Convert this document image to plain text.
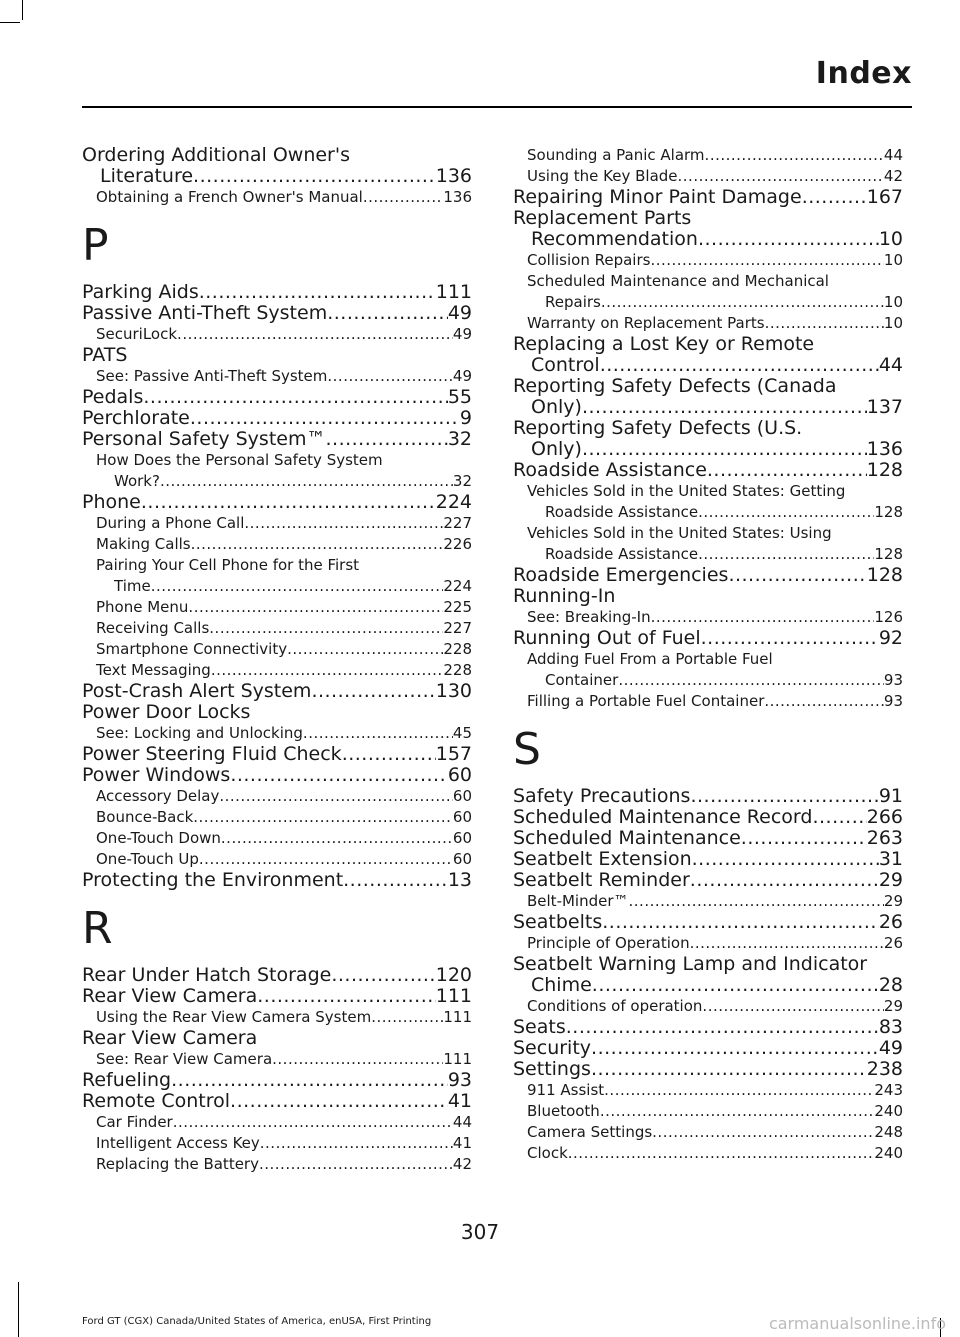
Index
Ordering Additional Owner's
Literature .....	136
Obtaining a French Owner's Manual .....	136
P
Parking Aids .....	111
Passive Anti-Theft System .....	49
SecuriLock .....	49
PATS
See: Passive Anti-Theft System .....	49
Pedals .....	55
Perchlorate .....	9
Personal Safety System™ .....	32
How Does the Personal Safety System
Work? .....	32
Phone .....	224
During a Phone Call .....	227
Making Calls .....	226
Pairing Your Cell Phone for the First
Time .....	224
Phone Menu .....	225
Receiving Calls .....	227
Smartphone Connectivity .....	228
Text Messaging .....	228
Post-Crash Alert System .....	130
Power Door Locks
See: Locking and Unlocking .....	45
Power Steering Fluid Check .....	157
Power Windows .....	60
Accessory Delay .....	60
Bounce-Back .....	60
One-Touch Down .....	60
One-Touch Up .....	60
Protecting the Environment .....	13
R
Rear Under Hatch Storage .....	120
Rear View Camera .....	111
Using the Rear View Camera System .....	111
Rear View Camera
See: Rear View Camera .....	111
Refueling .....	93
Remote Control .....	41
Car Finder .....	44
Intelligent Access Key .....	41
Replacing the Battery .....	42
Sounding a Panic Alarm .....	44
Using the Key Blade .....	42
Repairing Minor Paint Damage .....	167
Replacement Parts
Recommendation .....	10
Collision Repairs .....	10
Scheduled Maintenance and Mechanical
Repairs .....	10
Warranty on Replacement Parts .....	10
Replacing a Lost Key or Remote
Control .....	44
Reporting Safety Defects (Canada
Only) .....	137
Reporting Safety Defects (U.S.
Only) .....	136
Roadside Assistance .....	128
Vehicles Sold in the United States: Getting
Roadside Assistance .....	128
Vehicles Sold in the United States: Using
Roadside Assistance .....	128
Roadside Emergencies .....	128
Running-In
See: Breaking-In .....	126
Running Out of Fuel .....	92
Adding Fuel From a Portable Fuel
Container .....	93
Filling a Portable Fuel Container .....	93
S
Safety Precautions .....	91
Scheduled Maintenance Record .....	266
Scheduled Maintenance .....	263
Seatbelt Extension .....	31
Seatbelt Reminder .....	29
Belt-Minder™ .....	29
Seatbelts .....	26
Principle of Operation .....	26
Seatbelt Warning Lamp and Indicator
Chime .....	28
Conditions of operation .....	29
Seats .....	83
Security .....	49
Settings .....	238
911 Assist .....	243
Bluetooth .....	240
Camera Settings .....	248
Clock .....	240
307
Ford GT (CGX) Canada/United States of America, enUSA, First Printing	carmanualsonline.info
